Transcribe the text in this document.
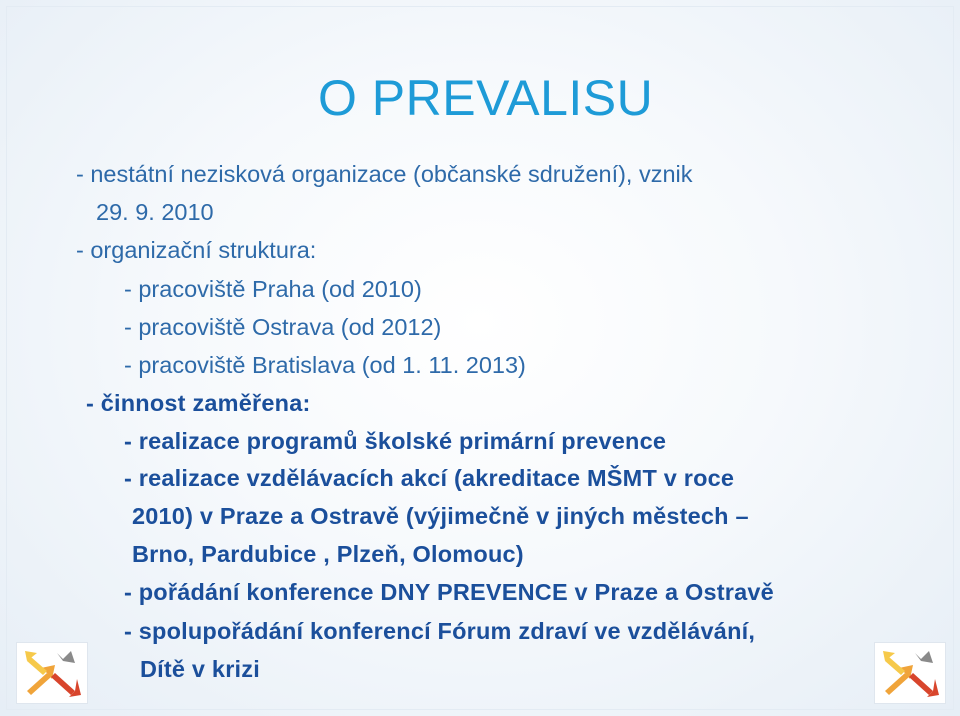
O PREVALISU
- nestátní nezisková organizace (občanské sdružení), vznik
29. 9. 2010
- organizační struktura:
- pracoviště Praha (od 2010)
- pracoviště Ostrava (od 2012)
- pracoviště Bratislava (od 1. 11. 2013)
- činnost zaměřena:
- realizace programů školské primární prevence
- realizace vzdělávacích akcí (akreditace MŠMT v roce
2010) v Praze a Ostravě (výjimečně v jiných městech –
Brno, Pardubice , Plzeň, Olomouc)
- pořádání konference DNY PREVENCE v Praze a Ostravě
- spolupořádání konferencí Fórum zdraví ve vzdělávání,
Dítě v krizi
